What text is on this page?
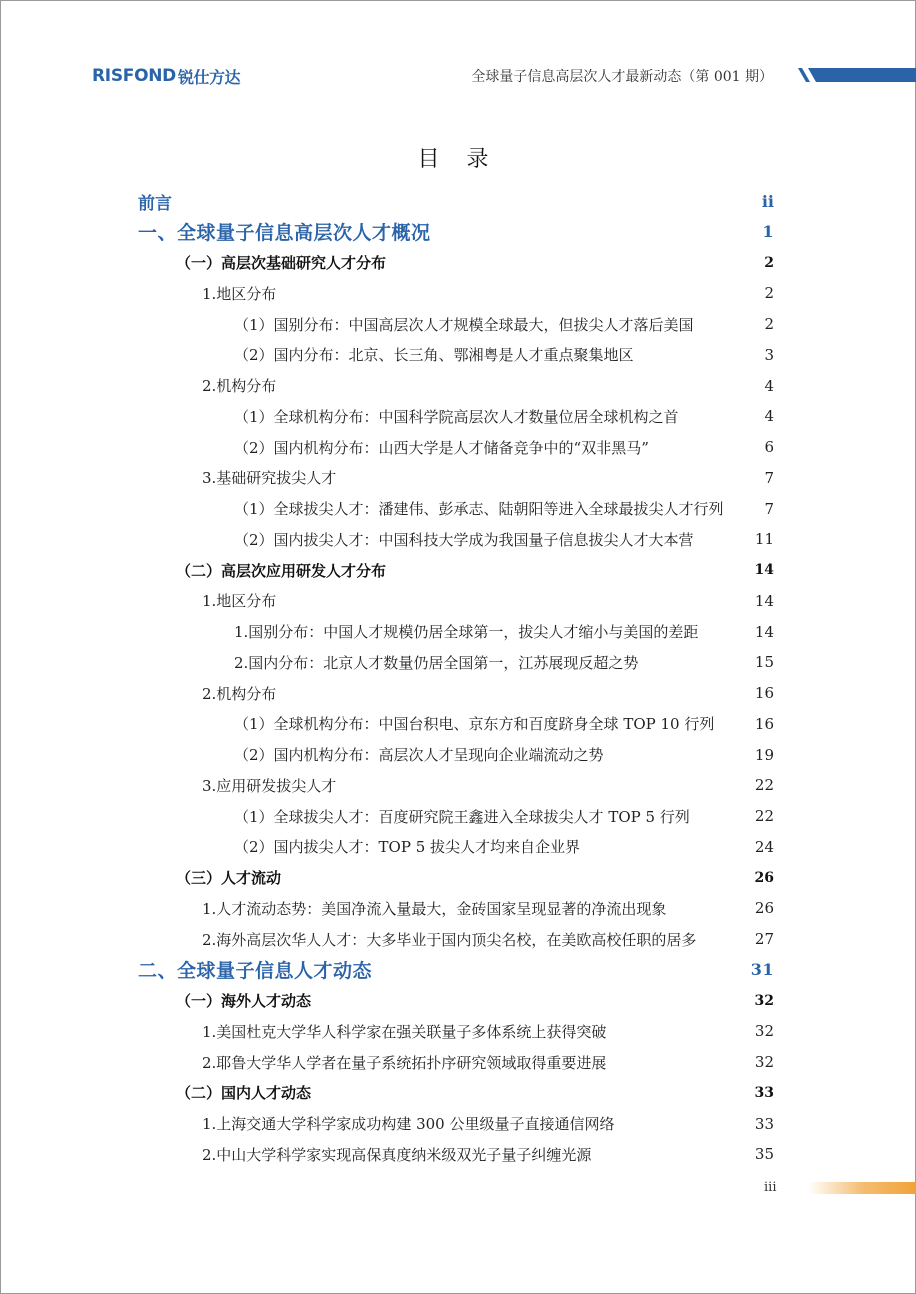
RISFOND 锐仕方达	全球量子信息高层次人才最新动态（第 001 期）
目 录
前言	ii
一、全球量子信息高层次人才概况	1
（一）高层次基础研究人才分布	2
1.地区分布	2
（1）国别分布：中国高层次人才规模全球最大，但拔尖人才落后美国	2
（2）国内分布：北京、长三角、鄂湘粤是人才重点聚集地区	3
2.机构分布	4
（1）全球机构分布：中国科学院高层次人才数量位居全球机构之首	4
（2）国内机构分布：山西大学是人才储备竞争中的“双非黑马”	6
3.基础研究拔尖人才	7
（1）全球拔尖人才：潘建伟、彭承志、陆朝阳等进入全球最拔尖人才行列	7
（2）国内拔尖人才：中国科技大学成为我国量子信息拔尖人才大本营	11
（二）高层次应用研发人才分布	14
1.地区分布	14
1.国别分布：中国人才规模仍居全球第一，拔尖人才缩小与美国的差距	14
2.国内分布：北京人才数量仍居全国第一，江苏展现反超之势	15
2.机构分布	16
（1）全球机构分布：中国台积电、京东方和百度跻身全球 TOP 10 行列	16
（2）国内机构分布：高层次人才呈现向企业端流动之势	19
3.应用研发拔尖人才	22
（1）全球拔尖人才：百度研究院王鑫进入全球拔尖人才 TOP 5 行列	22
（2）国内拔尖人才：TOP 5 拔尖人才均来自企业界	24
（三）人才流动	26
1.人才流动态势：美国净流入量最大，金砖国家呈现显著的净流出现象	26
2.海外高层次华人人才：大多毕业于国内顶尖名校，在美欧高校任职的居多	27
二、全球量子信息人才动态	31
（一）海外人才动态	32
1.美国杜克大学华人科学家在强关联量子多体系统上获得突破	32
2.耶鲁大学华人学者在量子系统拓扑序研究领域取得重要进展	32
（二）国内人才动态	33
1.上海交通大学科学家成功构建 300 公里级量子直接通信网络	33
2.中山大学科学家实现高保真度纳米级双光子量子纠缠光源	35
iii
